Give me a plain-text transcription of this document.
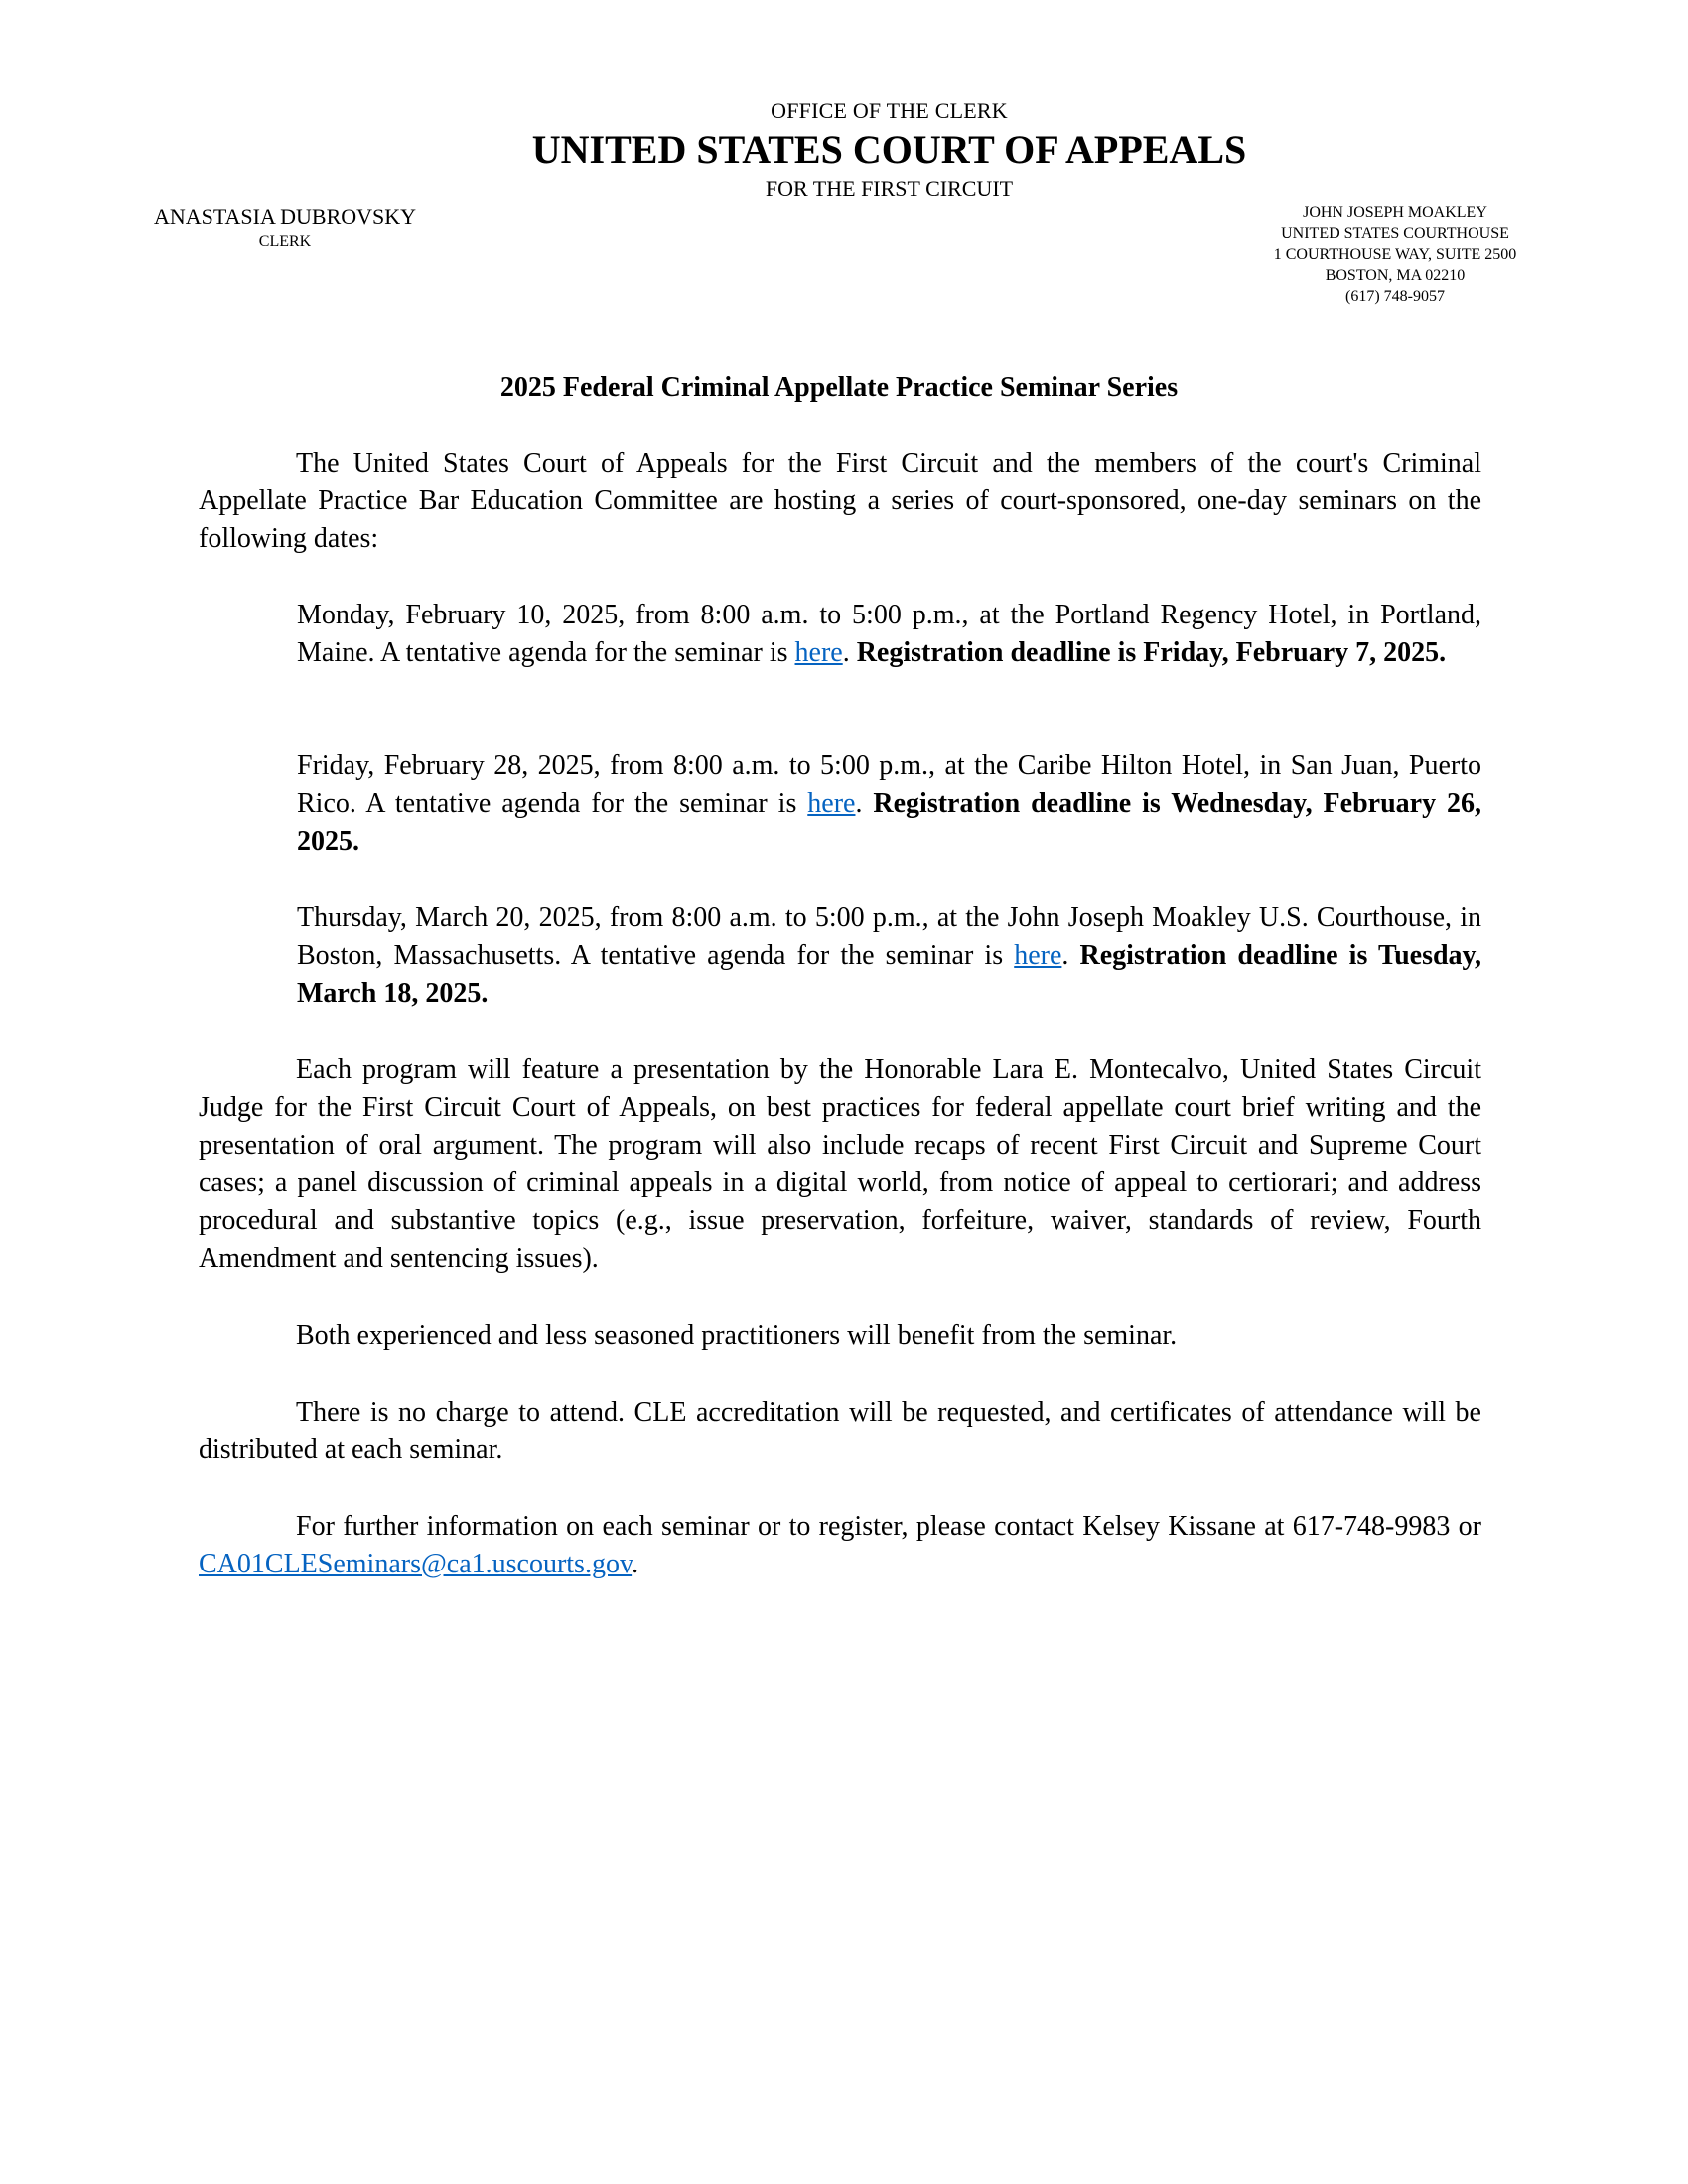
OFFICE OF THE CLERK
UNITED STATES COURT OF APPEALS
FOR THE FIRST CIRCUIT
ANASTASIA DUBROVSKY
CLERK
JOHN JOSEPH MOAKLEY
UNITED STATES COURTHOUSE
1 COURTHOUSE WAY, SUITE 2500
BOSTON, MA 02210
(617) 748-9057
2025 Federal Criminal Appellate Practice Seminar Series
The United States Court of Appeals for the First Circuit and the members of the court's Criminal Appellate Practice Bar Education Committee are hosting a series of court-sponsored, one-day seminars on the following dates:
Monday, February 10, 2025, from 8:00 a.m. to 5:00 p.m., at the Portland Regency Hotel, in Portland, Maine. A tentative agenda for the seminar is here. Registration deadline is Friday, February 7, 2025.
Friday, February 28, 2025, from 8:00 a.m. to 5:00 p.m., at the Caribe Hilton Hotel, in San Juan, Puerto Rico. A tentative agenda for the seminar is here. Registration deadline is Wednesday, February 26, 2025.
Thursday, March 20, 2025, from 8:00 a.m. to 5:00 p.m., at the John Joseph Moakley U.S. Courthouse, in Boston, Massachusetts. A tentative agenda for the seminar is here. Registration deadline is Tuesday, March 18, 2025.
Each program will feature a presentation by the Honorable Lara E. Montecalvo, United States Circuit Judge for the First Circuit Court of Appeals, on best practices for federal appellate court brief writing and the presentation of oral argument. The program will also include recaps of recent First Circuit and Supreme Court cases; a panel discussion of criminal appeals in a digital world, from notice of appeal to certiorari; and address procedural and substantive topics (e.g., issue preservation, forfeiture, waiver, standards of review, Fourth Amendment and sentencing issues).
Both experienced and less seasoned practitioners will benefit from the seminar.
There is no charge to attend. CLE accreditation will be requested, and certificates of attendance will be distributed at each seminar.
For further information on each seminar or to register, please contact Kelsey Kissane at 617-748-9983 or CA01CLESeminars@ca1.uscourts.gov.
